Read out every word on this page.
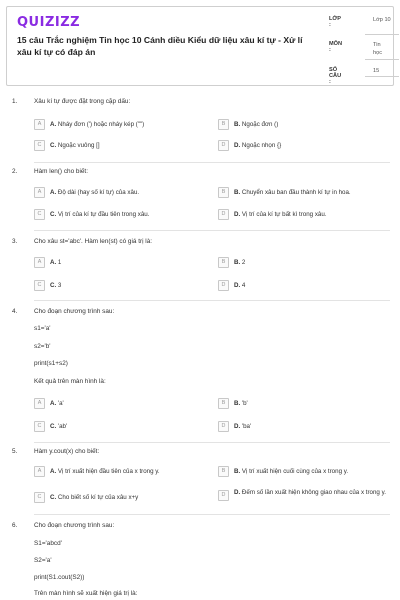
QUIZIZZ
15 câu Trắc nghiệm Tin học 10 Cánh diều Kiểu dữ liệu xâu kí tự - Xử lí xâu kí tự có đáp án
LỚP :
Lớp 10
MÔN :
Tin học
SỐ CÂU :
15
1.	Xâu kí tự được đặt trong cặp dấu:
A	A. Nháy đơn (') hoặc nháy kép ("")	B	B. Ngoặc đơn ()
C	C. Ngoặc vuông []	D	D. Ngoặc nhọn {}
2.	Hàm len() cho biết:
A	A. Độ dài (hay số kí tự) của xâu.	B	B. Chuyển xâu ban đầu thành kí tự in hoa.
C	C. Vị trí của kí tự đầu tiên trong xâu.	D	D. Vị trí của kí tự bất kì trong xâu.
3.	Cho xâu st='abc'. Hàm len(st) có giá trị là:
A	A. 1	B	B. 2
C	C. 3	D	D. 4
4.	Cho đoạn chương trình sau:
s1='a'
s2='b'
print(s1+s2)
Kết quả trên màn hình là:
A	A. 'a'	B	B. 'b'
C	C. 'ab'	D	D. 'ba'
5.	Hàm y.cout(x) cho biết:
A	A. Vị trí xuất hiện đầu tiên của x trong y.	B	B. Vị trí xuất hiện cuối cùng của x trong y.
C	C. Cho biết số kí tự của xâu x+y	D	D. Đếm số lần xuất hiện không giao nhau của x trong y.
6.	Cho đoạn chương trình sau:
S1='abcd'
S2='a'
print(S1.cout(S2))
Trên màn hình sẽ xuất hiện giá trị là:
